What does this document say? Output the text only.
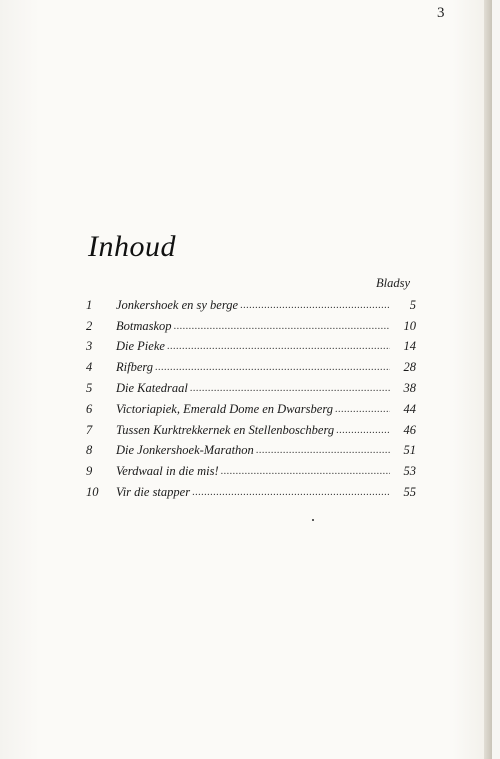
3
Inhoud
Bladsy
1	Jonkershoek en sy berge .....	5
2	Botmaskop .....	10
3	Die Pieke .....	14
4	Rifberg .....	28
5	Die Katedraal .....	38
6	Victoriapiek, Emerald Dome en Dwarsberg .....	44
7	Tussen Kurktrekkernek en Stellenboschberg .....	46
8	Die Jonkershoek-Marathon .....	51
9	Verdwaal in die mis! .....	53
10	Vir die stapper .....	55
